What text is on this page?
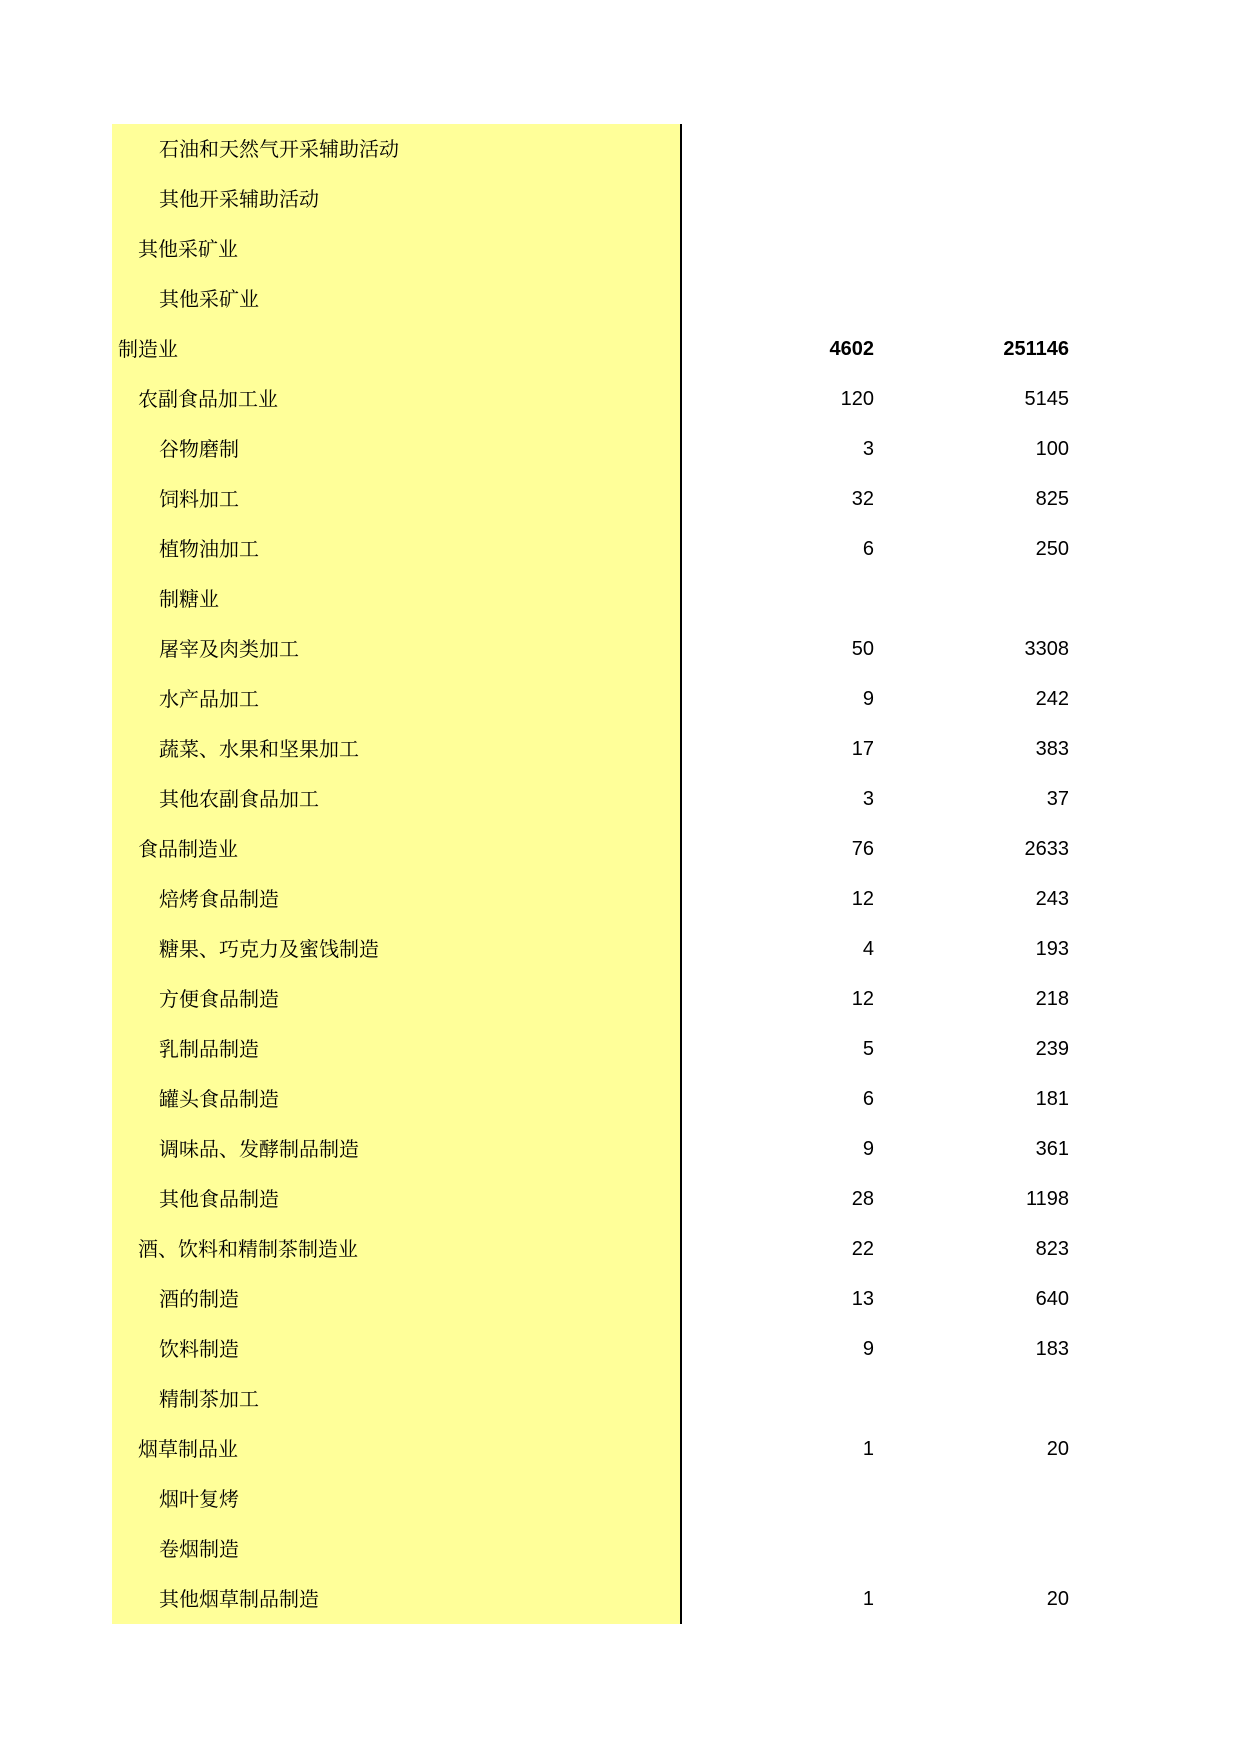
石油和天然气开采辅助活动
其他开采辅助活动
其他采矿业
其他采矿业
制造业	4602	251146
农副食品加工业	120	5145
谷物磨制	3	100
饲料加工	32	825
植物油加工	6	250
制糖业
屠宰及肉类加工	50	3308
水产品加工	9	242
蔬菜、水果和坚果加工	17	383
其他农副食品加工	3	37
食品制造业	76	2633
焙烤食品制造	12	243
糖果、巧克力及蜜饯制造	4	193
方便食品制造	12	218
乳制品制造	5	239
罐头食品制造	6	181
调味品、发酵制品制造	9	361
其他食品制造	28	1198
酒、饮料和精制茶制造业	22	823
酒的制造	13	640
饮料制造	9	183
精制茶加工
烟草制品业	1	20
烟叶复烤
卷烟制造
其他烟草制品制造	1	20
